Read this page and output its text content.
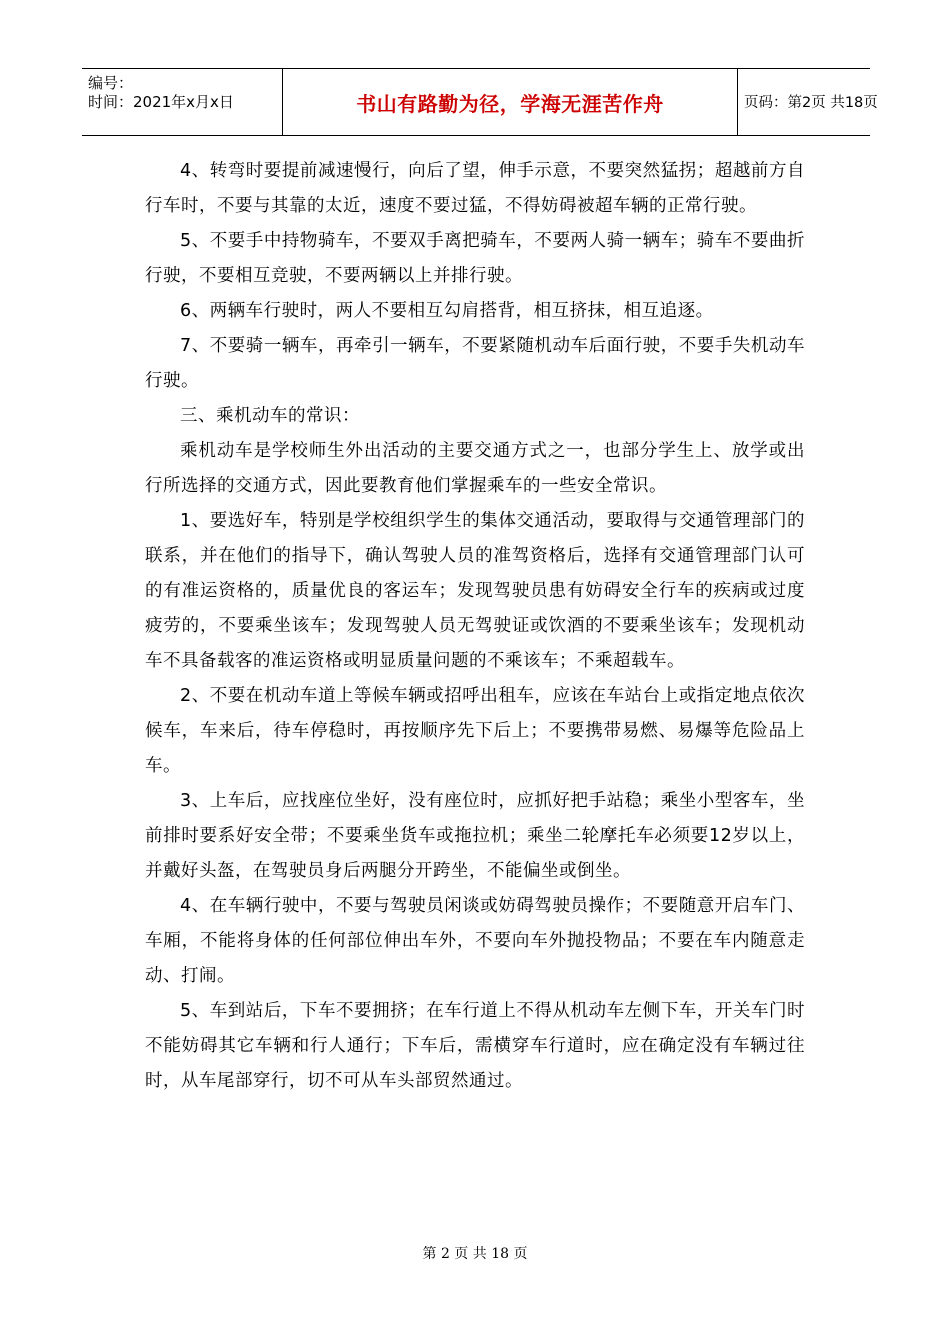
编号：
时间：2021年x月x日	书山有路勤为径，学海无涯苦作舟	页码：第2页 共18页

4、转弯时要提前减速慢行，向后了望，伸手示意，不要突然猛拐；超越前方自行车时，不要与其靠的太近，速度不要过猛，不得妨碍被超车辆的正常行驶。

5、不要手中持物骑车，不要双手离把骑车，不要两人骑一辆车；骑车不要曲折行驶，不要相互竞驶，不要两辆以上并排行驶。

6、两辆车行驶时，两人不要相互勾肩搭背，相互挤抹，相互追逐。

7、不要骑一辆车，再牵引一辆车，不要紧随机动车后面行驶，不要手失机动车行驶。

三、乘机动车的常识：

乘机动车是学校师生外出活动的主要交通方式之一，也部分学生上、放学或出行所选择的交通方式，因此要教育他们掌握乘车的一些安全常识。

1、要选好车，特别是学校组织学生的集体交通活动，要取得与交通管理部门的联系，并在他们的指导下，确认驾驶人员的准驾资格后，选择有交通管理部门认可的有准运资格的，质量优良的客运车；发现驾驶员患有妨碍安全行车的疾病或过度疲劳的，不要乘坐该车；发现驾驶人员无驾驶证或饮酒的不要乘坐该车；发现机动车不具备载客的准运资格或明显质量问题的不乘该车；不乘超载车。

2、不要在机动车道上等候车辆或招呼出租车，应该在车站台上或指定地点依次候车，车来后，待车停稳时，再按顺序先下后上；不要携带易燃、易爆等危险品上车。

3、上车后，应找座位坐好，没有座位时，应抓好把手站稳；乘坐小型客车，坐前排时要系好安全带；不要乘坐货车或拖拉机；乘坐二轮摩托车必须要12岁以上，并戴好头盔，在驾驶员身后两腿分开跨坐，不能偏坐或倒坐。

4、在车辆行驶中，不要与驾驶员闲谈或妨碍驾驶员操作；不要随意开启车门、车厢，不能将身体的任何部位伸出车外，不要向车外抛投物品；不要在车内随意走动、打闹。

5、车到站后，下车不要拥挤；在车行道上不得从机动车左侧下车，开关车门时不能妨碍其它车辆和行人通行；下车后，需横穿车行道时，应在确定没有车辆过往时，从车尾部穿行，切不可从车头部贸然通过。

第 2 页 共 18 页
